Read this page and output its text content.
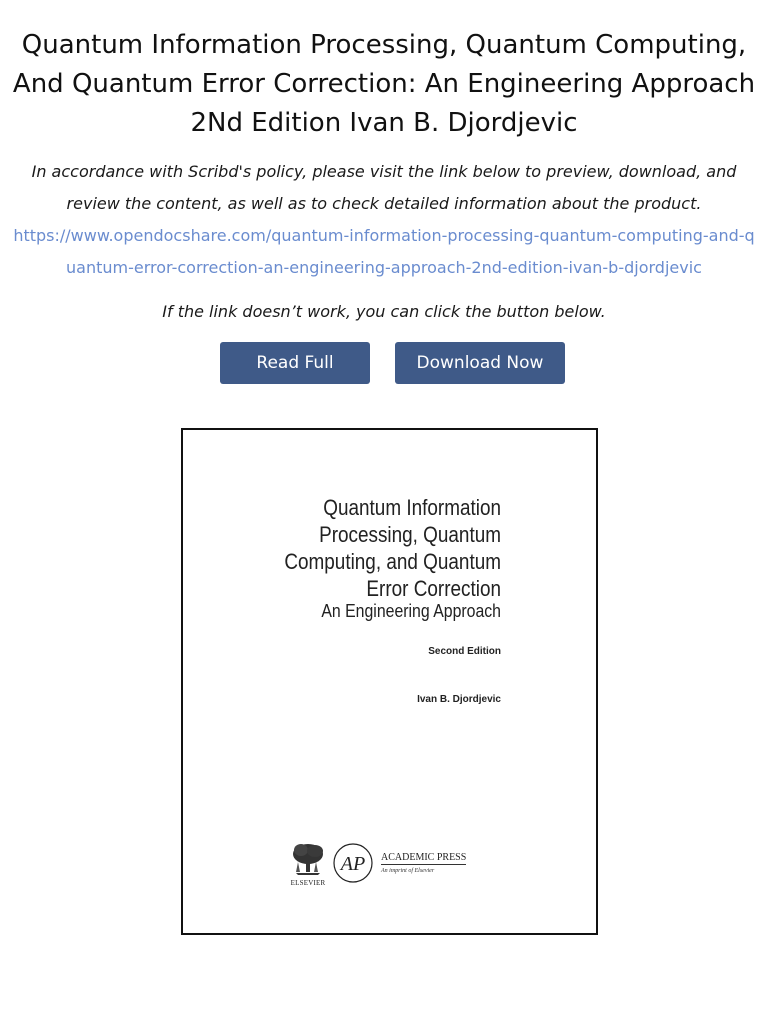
Quantum Information Processing, Quantum Computing, And Quantum Error Correction: An Engineering Approach 2Nd Edition Ivan B. Djordjevic

In accordance with Scribd's policy, please visit the link below to preview, download, and review the content, as well as to check detailed information about the product.

https://www.opendocshare.com/quantum-information-processing-quantum-computing-and-quantum-error-correction-an-engineering-approach-2nd-edition-ivan-b-djordjevic

If the link doesn’t work, you can click the button below.

Read Full	Download Now
Quantum Information
Processing, Quantum
Computing, and Quantum
Error Correction
An Engineering Approach
Second Edition
Ivan B. Djordjevic
ELSEVIER
AP ACADEMIC PRESS
An imprint of Elsevier
